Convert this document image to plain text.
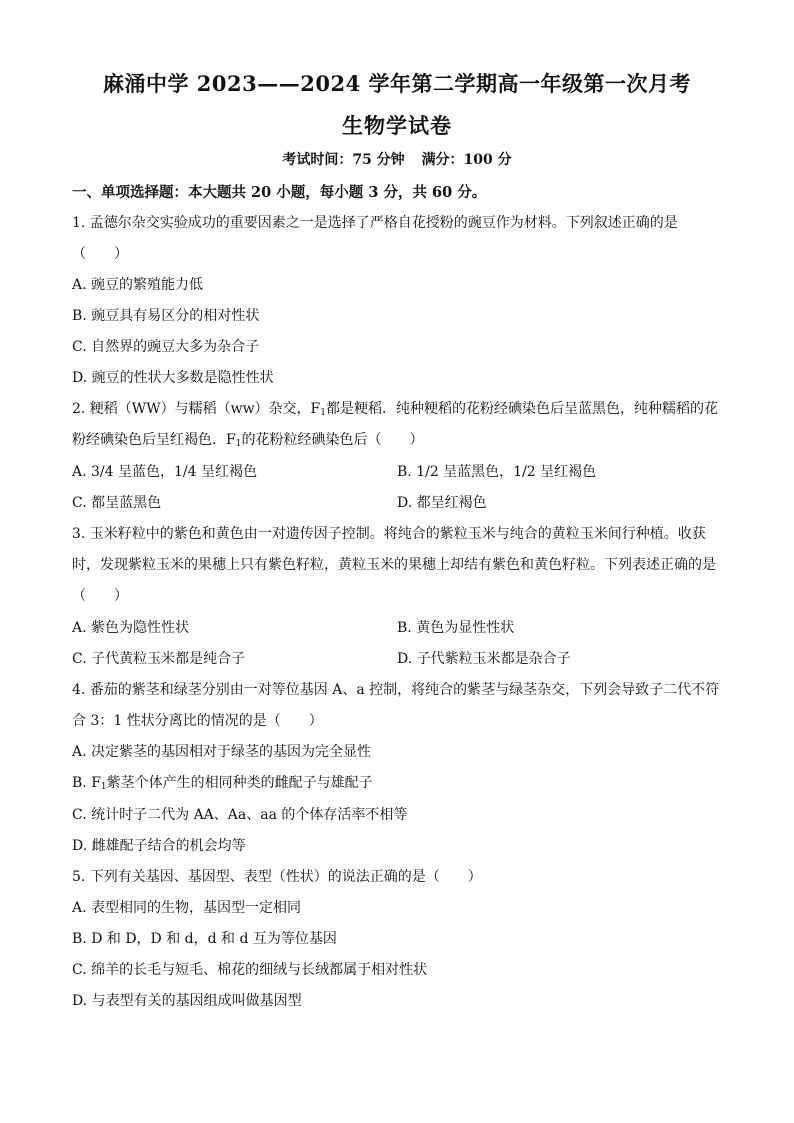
麻涌中学 2023——2024 学年第二学期高一年级第一次月考
生物学试卷
考试时间：75 分钟 满分：100 分
一、单项选择题：本大题共 20 小题，每小题 3 分，共 60 分。
1. 孟德尔杂交实验成功的重要因素之一是选择了严格自花授粉的豌豆作为材料。下列叙述正确的是
（　　）
A. 豌豆的繁殖能力低
B. 豌豆具有易区分的相对性状
C. 自然界的豌豆大多为杂合子
D. 豌豆的性状大多数是隐性性状
2. 粳稻（WW）与糯稻（ww）杂交，$F_1$都是粳稻．纯种粳稻的花粉经碘染色后呈蓝黑色，纯种糯稻的花
粉经碘染色后呈红褐色．$F_1$的花粉粒经碘染色后（　　）
A. 3/4 呈蓝色，1/4 呈红褐色	B. 1/2 呈蓝黑色，1/2 呈红褐色
C. 都呈蓝黑色	D. 都呈红褐色
3. 玉米籽粒中的紫色和黄色由一对遗传因子控制。将纯合的紫粒玉米与纯合的黄粒玉米间行种植。收获
时，发现紫粒玉米的果穗上只有紫色籽粒，黄粒玉米的果穗上却结有紫色和黄色籽粒。下列表述正确的是
（　　）
A. 紫色为隐性性状	B. 黄色为显性性状
C. 子代黄粒玉米都是纯合子	D. 子代紫粒玉米都是杂合子
4. 番茄的紫茎和绿茎分别由一对等位基因 A、a 控制，将纯合的紫茎与绿茎杂交，下列会导致子二代不符
合 3：1 性状分离比的情况的是（　　）
A. 决定紫茎的基因相对于绿茎的基因为完全显性
B. $F_1$紫茎个体产生的相同种类的雌配子与雄配子
C. 统计时子二代为 AA、Aa、aa 的个体存活率不相等
D. 雌雄配子结合的机会均等
5. 下列有关基因、基因型、表型（性状）的说法正确的是（　　）
A. 表型相同的生物，基因型一定相同
B. D 和 D，D 和 d，d 和 d 互为等位基因
C. 绵羊的长毛与短毛、棉花的细绒与长绒都属于相对性状
D. 与表型有关的基因组成叫做基因型
